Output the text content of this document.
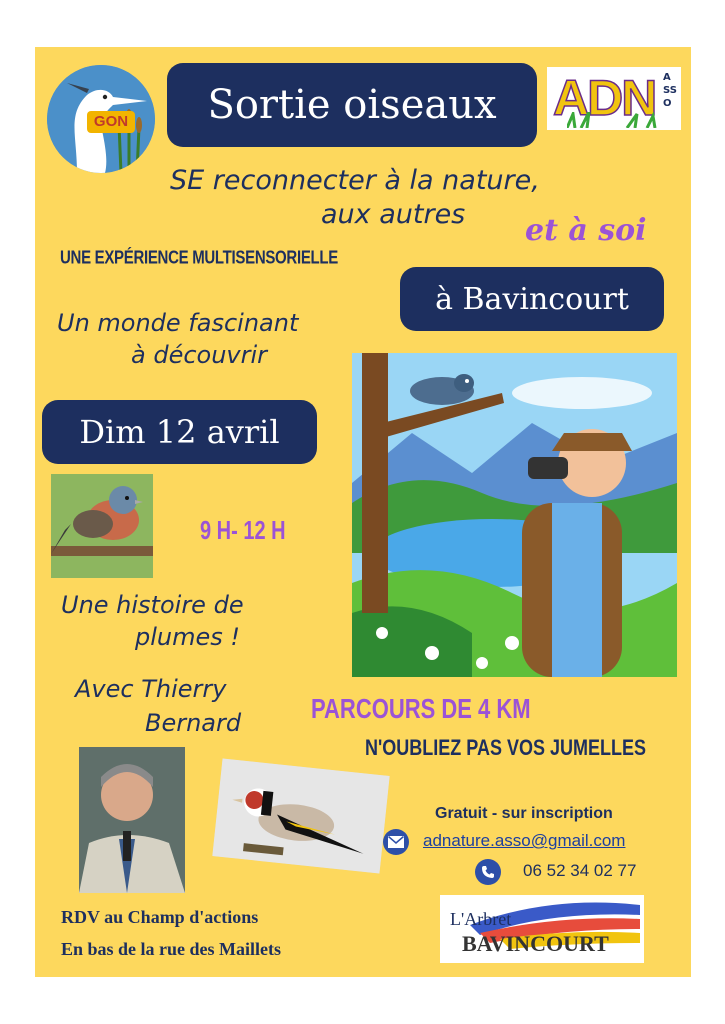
GON Sortie oiseaux ADN ASSO
SE reconnecter à la nature,
aux autres	et à soi
UNE EXPÉRIENCE MULTISENSORIELLE
à Bavincourt
Un monde fascinant
à découvrir
Dim 12 avril
9 H- 12 H
Une histoire de
plumes !
Avec Thierry
Bernard	PARCOURS DE 4 KM
N'OUBLIEZ PAS VOS JUMELLES
Gratuit - sur inscription
adnature.asso@gmail.com
06 52 34 02 77
RDV au Champ d'actions
En bas de la rue des Maillets
L'Arbret
BAVINCOURT
